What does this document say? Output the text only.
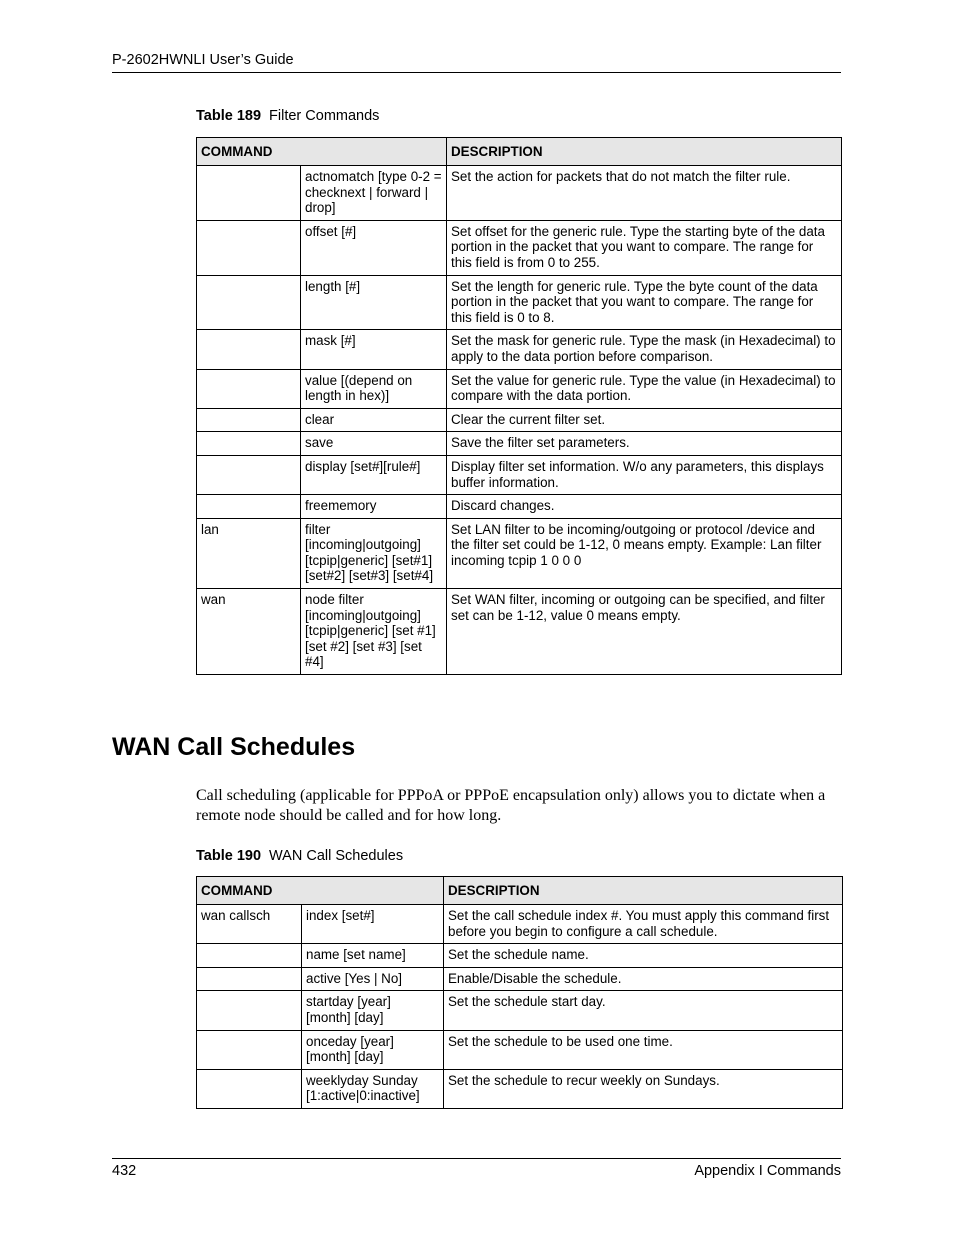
P-2602HWNLI User’s Guide
Table 189 Filter Commands
COMMAND		DESCRIPTION
	actnomatch [type 0-2 = checknext | forward | drop]	Set the action for packets that do not match the filter rule.
	offset [#]	Set offset for the generic rule. Type the starting byte of the data portion in the packet that you want to compare. The range for this field is from 0 to 255.
	length [#]	Set the length for generic rule. Type the byte count of the data portion in the packet that you want to compare. The range for this field is 0 to 8.
	mask [#]	Set the mask for generic rule. Type the mask (in Hexadecimal) to apply to the data portion before comparison.
	value [(depend on length in hex)]	Set the value for generic rule. Type the value (in Hexadecimal) to compare with the data portion.
	clear	Clear the current filter set.
	save	Save the filter set parameters.
	display [set#][rule#]	Display filter set information. W/o any parameters, this displays buffer information.
	freememory	Discard changes.
lan	filter [incoming|outgoing] [tcpip|generic] [set#1] [set#2] [set#3] [set#4]	Set LAN filter to be incoming/outgoing or protocol /device and the filter set could be 1-12, 0 means empty. Example: Lan filter incoming tcpip 1 0 0 0
wan	node filter [incoming|outgoing] [tcpip|generic] [set #1] [set #2] [set #3] [set #4]	Set WAN filter, incoming or outgoing can be specified, and filter set can be 1-12, value 0 means empty.
WAN Call Schedules

Call scheduling (applicable for PPPoA or PPPoE encapsulation only) allows you to dictate when a remote node should be called and for how long.

Table 190 WAN Call Schedules
COMMAND		DESCRIPTION
wan callsch	index [set#]	Set the call schedule index #. You must apply this command first before you begin to configure a call schedule.
	name [set name]	Set the schedule name.
	active [Yes | No]	Enable/Disable the schedule.
	startday [year] [month] [day]	Set the schedule start day.
	onceday [year] [month] [day]	Set the schedule to be used one time.
	weeklyday Sunday [1:active|0:inactive]	Set the schedule to recur weekly on Sundays.
432	Appendix I Commands
